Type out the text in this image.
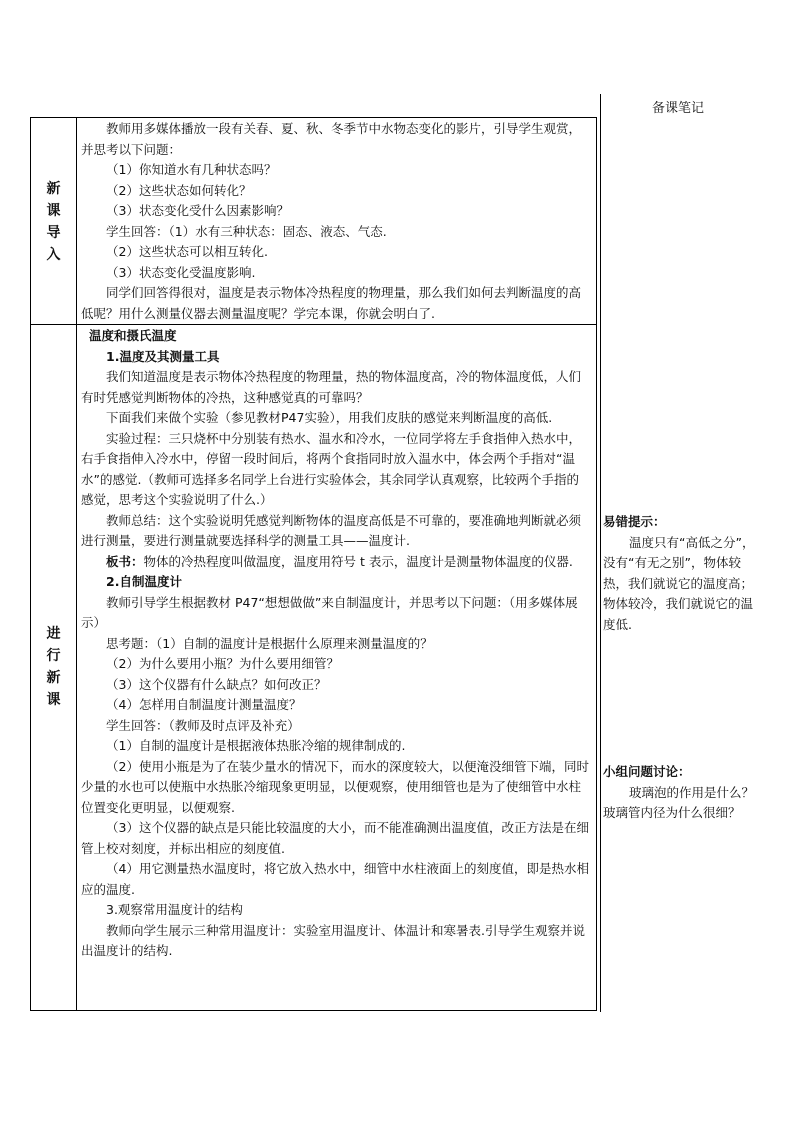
备课笔记
新
课
导
入

教师用多媒体播放一段有关春、夏、秋、冬季节中水物态变化的影片，引导学生观赏，并思考以下问题：

（1）你知道水有几种状态吗？

（2）这些状态如何转化？

（3）状态变化受什么因素影响？

学生回答：（1）水有三种状态：固态、液态、气态.

（2）这些状态可以相互转化.

（3）状态变化受温度影响.

同学们回答得很对，温度是表示物体冷热程度的物理量，那么我们如何去判断温度的高低呢？用什么测量仪器去测量温度呢？学完本课，你就会明白了.

进
行
新
课

温度和摄氏温度

1.温度及其测量工具

我们知道温度是表示物体冷热程度的物理量，热的物体温度高，冷的物体温度低，人们有时凭感觉判断物体的冷热，这种感觉真的可靠吗？

下面我们来做个实验（参见教材P47实验），用我们皮肤的感觉来判断温度的高低.

实验过程：三只烧杯中分别装有热水、温水和冷水，一位同学将左手食指伸入热水中，右手食指伸入冷水中，停留一段时间后，将两个食指同时放入温水中，体会两个手指对“温水”的感觉.（教师可选择多名同学上台进行实验体会，其余同学认真观察，比较两个手指的感觉，思考这个实验说明了什么.）

教师总结：这个实验说明凭感觉判断物体的温度高低是不可靠的，要准确地判断就必须进行测量，要进行测量就要选择科学的测量工具——温度计.

板书：物体的冷热程度叫做温度，温度用符号 t 表示，温度计是测量物体温度的仪器.

2.自制温度计

教师引导学生根据教材 P47“想想做做”来自制温度计，并思考以下问题：（用多媒体展示）

思考题：（1）自制的温度计是根据什么原理来测量温度的？

（2）为什么要用小瓶？为什么要用细管？

（3）这个仪器有什么缺点？如何改正？

（4）怎样用自制温度计测量温度？

学生回答：（教师及时点评及补充）

（1）自制的温度计是根据液体热胀冷缩的规律制成的.

（2）使用小瓶是为了在装少量水的情况下，而水的深度较大，以便淹没细管下端，同时少量的水也可以使瓶中水热胀冷缩现象更明显，以便观察，使用细管也是为了使细管中水柱位置变化更明显，以便观察.

（3）这个仪器的缺点是只能比较温度的大小，而不能准确测出温度值，改正方法是在细管上校对刻度，并标出相应的刻度值.

（4）用它测量热水温度时，将它放入热水中，细管中水柱液面上的刻度值，即是热水相应的温度.

3.观察常用温度计的结构

教师向学生展示三种常用温度计：实验室用温度计、体温计和寒暑表.引导学生观察并说出温度计的结构.

易错提示：

温度只有“高低之分”，没有“有无之别”，物体较热，我们就说它的温度高；物体较冷，我们就说它的温度低.

小组问题讨论：

玻璃泡的作用是什么？玻璃管内径为什么很细？
